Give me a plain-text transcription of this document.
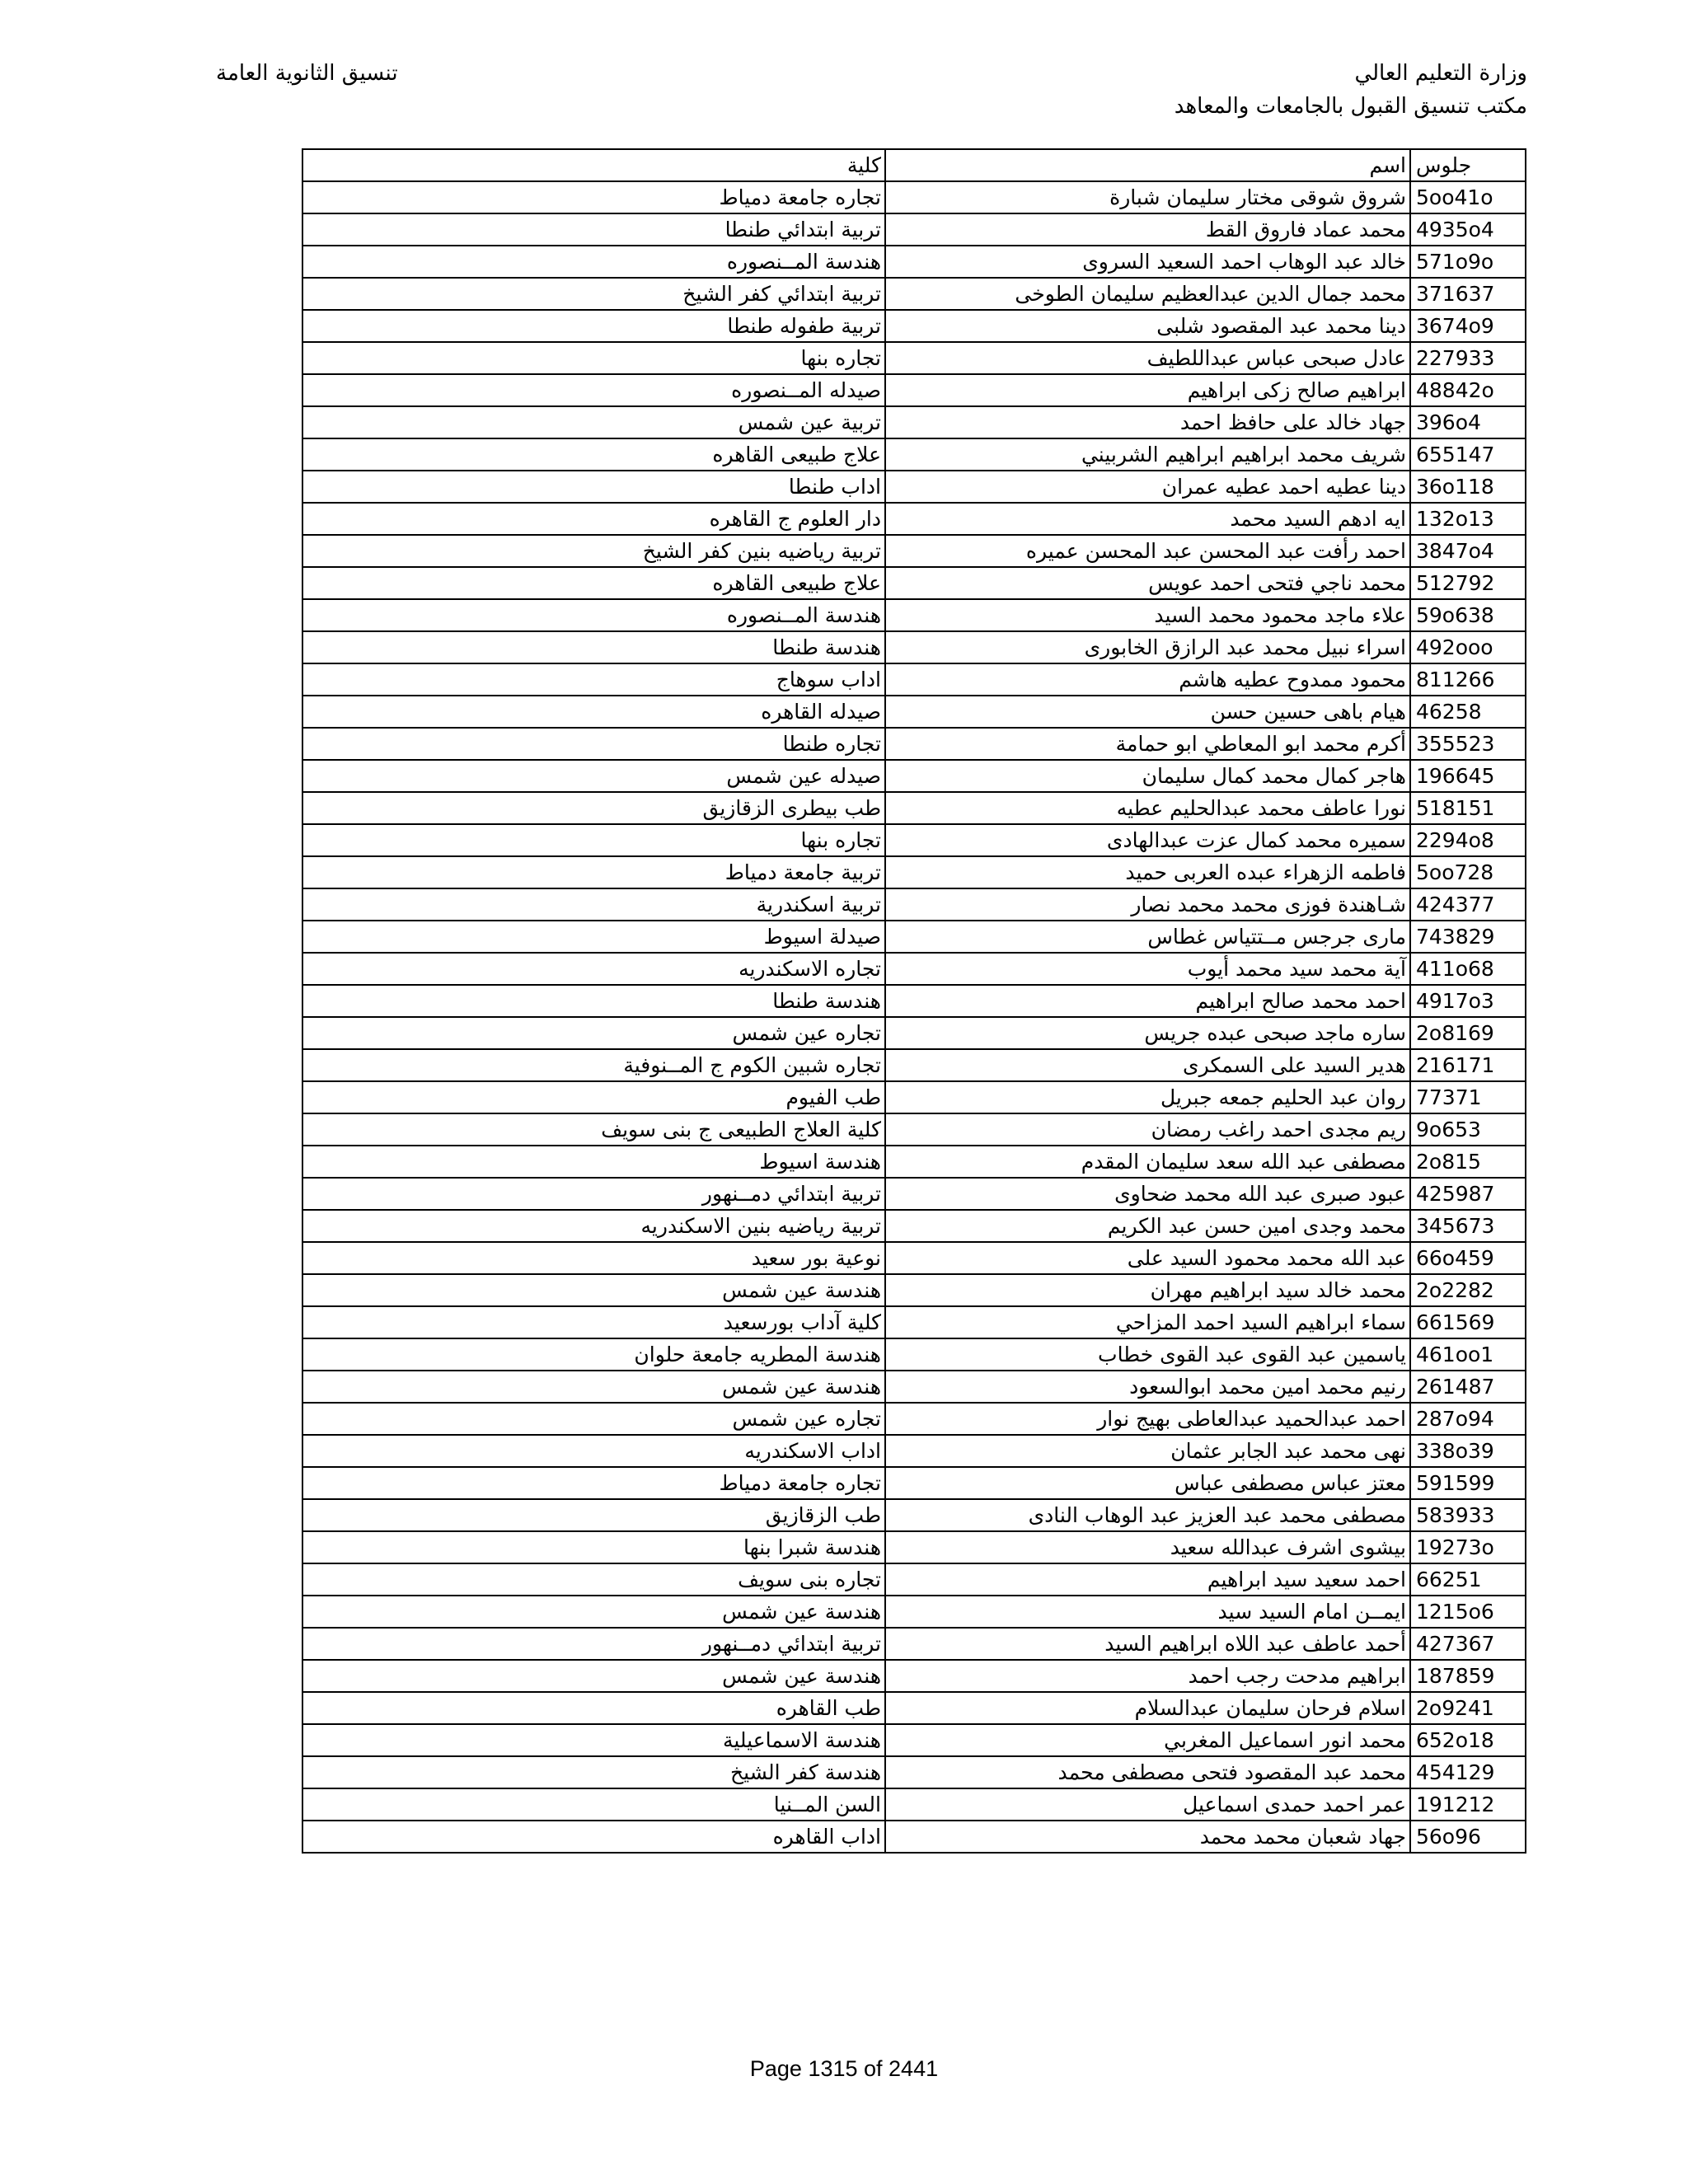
وزارة التعليم العالي
مكتب تنسيق القبول بالجامعات والمعاهد
تنسيق الثانوية العامة
كلية	اسم	جلوس
تجاره جامعة دمياط	شروق شوقى مختار سليمان شبارة	5oo41o
تربية ابتدائي طنطا	محمد عماد فاروق القط	4935o4
هندسة المــنصوره	خالد عبد الوهاب احمد السعيد السروى	571o9o
تربية ابتدائي كفر الشيخ	محمد جمال الدين عبدالعظيم سليمان الطوخى	371637
تربية طفوله طنطا	دينا محمد عبد المقصود شلبى	3674o9
تجاره بنها	عادل صبحى عباس عبداللطيف	227933
صيدله المــنصوره	ابراهيم صالح زكى ابراهيم	48842o
تربية عين شمس	جهاد خالد على حافظ احمد	396o4
علاج طبيعى القاهره	شريف محمد ابراهيم ابراهيم الشربيني	655147
اداب طنطا	دينا عطيه احمد عطيه عمران	36o118
دار العلوم ج القاهره	ايه ادهم السيد محمد	132o13
تربية رياضيه بنين كفر الشيخ	احمد رأفت عبد المحسن عبد المحسن عميره	3847o4
علاج طبيعى القاهره	محمد ناجي فتحى احمد عويس	512792
هندسة المــنصوره	علاء ماجد محمود محمد السيد	59o638
هندسة طنطا	اسراء نبيل محمد عبد الرازق الخابورى	492ooo
اداب سوهاج	محمود ممدوح عطيه هاشم	811266
صيدله القاهره	هيام باهى حسين حسن	46258
تجاره طنطا	أكرم محمد ابو المعاطي ابو حمامة	355523
صيدله عين شمس	هاجر كمال محمد كمال سليمان	196645
طب بيطرى الزقازيق	نورا عاطف محمد عبدالحليم عطيه	518151
تجاره بنها	سميره محمد كمال عزت عبدالهادى	2294o8
تربية جامعة دمياط	فاطمه الزهراء عبده العربى حميد	5oo728
تربية اسكندرية	شـاهندة فوزى محمد محمد نصار	424377
صيدلة اسيوط	مارى جرجس مــتتياس غطاس	743829
تجاره الاسكندريه	آية محمد سيد محمد أيوب	411o68
هندسة طنطا	احمد محمد صالح ابراهيم	4917o3
تجاره عين شمس	ساره ماجد صبحى عبده جريس	2o8169
تجاره شبين الكوم ج المــنوفية	هدير السيد على السمكرى	216171
طب الفيوم	روان عبد الحليم جمعه جبريل	77371
كلية العلاج الطبيعى ج بنى سويف	ريم مجدى احمد راغب رمضان	9o653
هندسة اسيوط	مصطفى عبد الله سعد سليمان المقدم	2o815
تربية ابتدائي دمــنهور	عبود صبرى عبد الله محمد ضحاوى	425987
تربية رياضيه بنين الاسكندريه	محمد وجدى امين حسن عبد الكريم	345673
نوعية بور سعيد	عبد الله محمد محمود السيد على	66o459
هندسة عين شمس	محمد خالد سيد ابراهيم مهران	2o2282
كلية آداب بورسعيد	سماء ابراهيم السيد احمد المزاحي	661569
هندسة المطريه جامعة حلوان	ياسمين عبد القوى عبد القوى خطاب	461oo1
هندسة عين شمس	رنيم محمد امين محمد ابوالسعود	261487
تجاره عين شمس	احمد عبدالحميد عبدالعاطى بهيج نوار	287o94
اداب الاسكندريه	نهى محمد عبد الجابر عثمان	338o39
تجاره جامعة دمياط	معتز عباس مصطفى عباس	591599
طب الزقازيق	مصطفى محمد عبد العزيز عبد الوهاب النادى	583933
هندسة شبرا بنها	بيشوى اشرف عبدالله سعيد	19273o
تجاره بنى سويف	احمد سعيد سيد ابراهيم	66251
هندسة عين شمس	ايمــن امام السيد سيد	1215o6
تربية ابتدائي دمــنهور	أحمد عاطف عبد اللاه ابراهيم السيد	427367
هندسة عين شمس	ابراهيم مدحت رجب احمد	187859
طب القاهره	اسلام فرحان سليمان عبدالسلام	2o9241
هندسة الاسماعيلية	محمد انور اسماعيل المغربي	652o18
هندسة كفر الشيخ	محمد عبد المقصود فتحى مصطفى محمد	454129
السن المــنيا	عمر احمد حمدى اسماعيل	191212
اداب القاهره	جهاد شعبان محمد محمد	56o96
Page 1315 of 2441
